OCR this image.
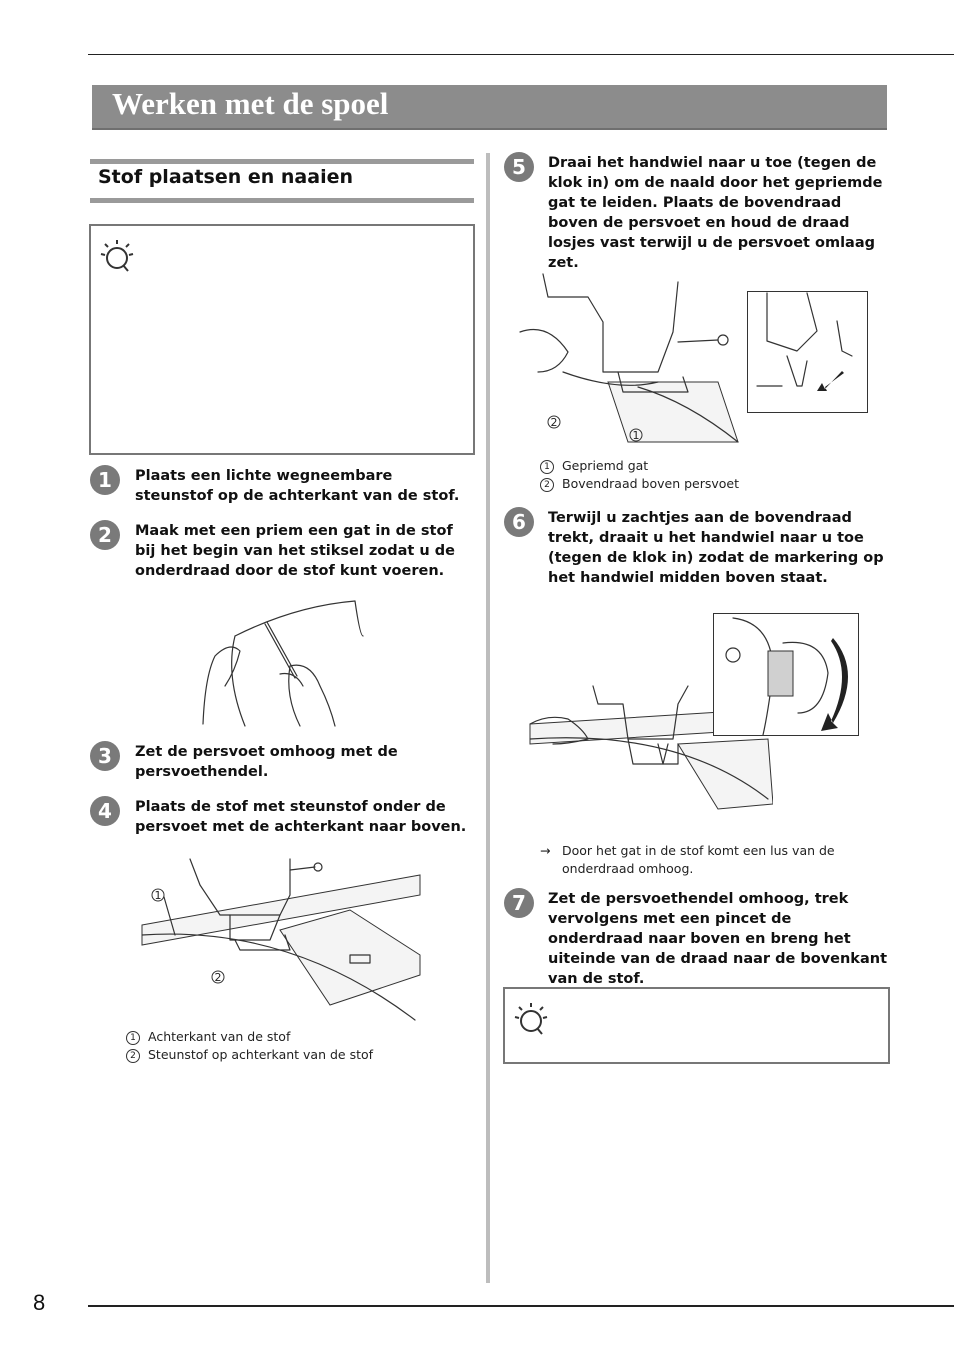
Werken met de spoel
Stof plaatsen en naaien
1	Plaats een lichte wegneembare steunstof op de achterkant van de stof.
2	Maak met een priem een gat in de stof bij het begin van het stiksel zodat u de onderdraad door de stof kunt voeren.
3	Zet de persvoet omhoog met de persvoethendel.
4	Plaats de stof met steunstof onder de persvoet met de achterkant naar boven.
1
2
1 Achterkant van de stof
2 Steunstof op achterkant van de stof
5	Draai het handwiel naar u toe (tegen de klok in) om de naald door het gepriemde gat te leiden. Plaats de bovendraad boven de persvoet en houd de draad losjes vast terwijl u de persvoet omlaag zet.
2
1
1 Gepriemd gat
2 Bovendraad boven persvoet
6	Terwijl u zachtjes aan de bovendraad trekt, draait u het handwiel naar u toe (tegen de klok in) zodat de markering op het handwiel midden boven staat.
→ Door het gat in de stof komt een lus van de onderdraad omhoog.
7	Zet de persvoethendel omhoog, trek vervolgens met een pincet de onderdraad naar boven en breng het uiteinde van de draad naar de bovenkant van de stof.
8
